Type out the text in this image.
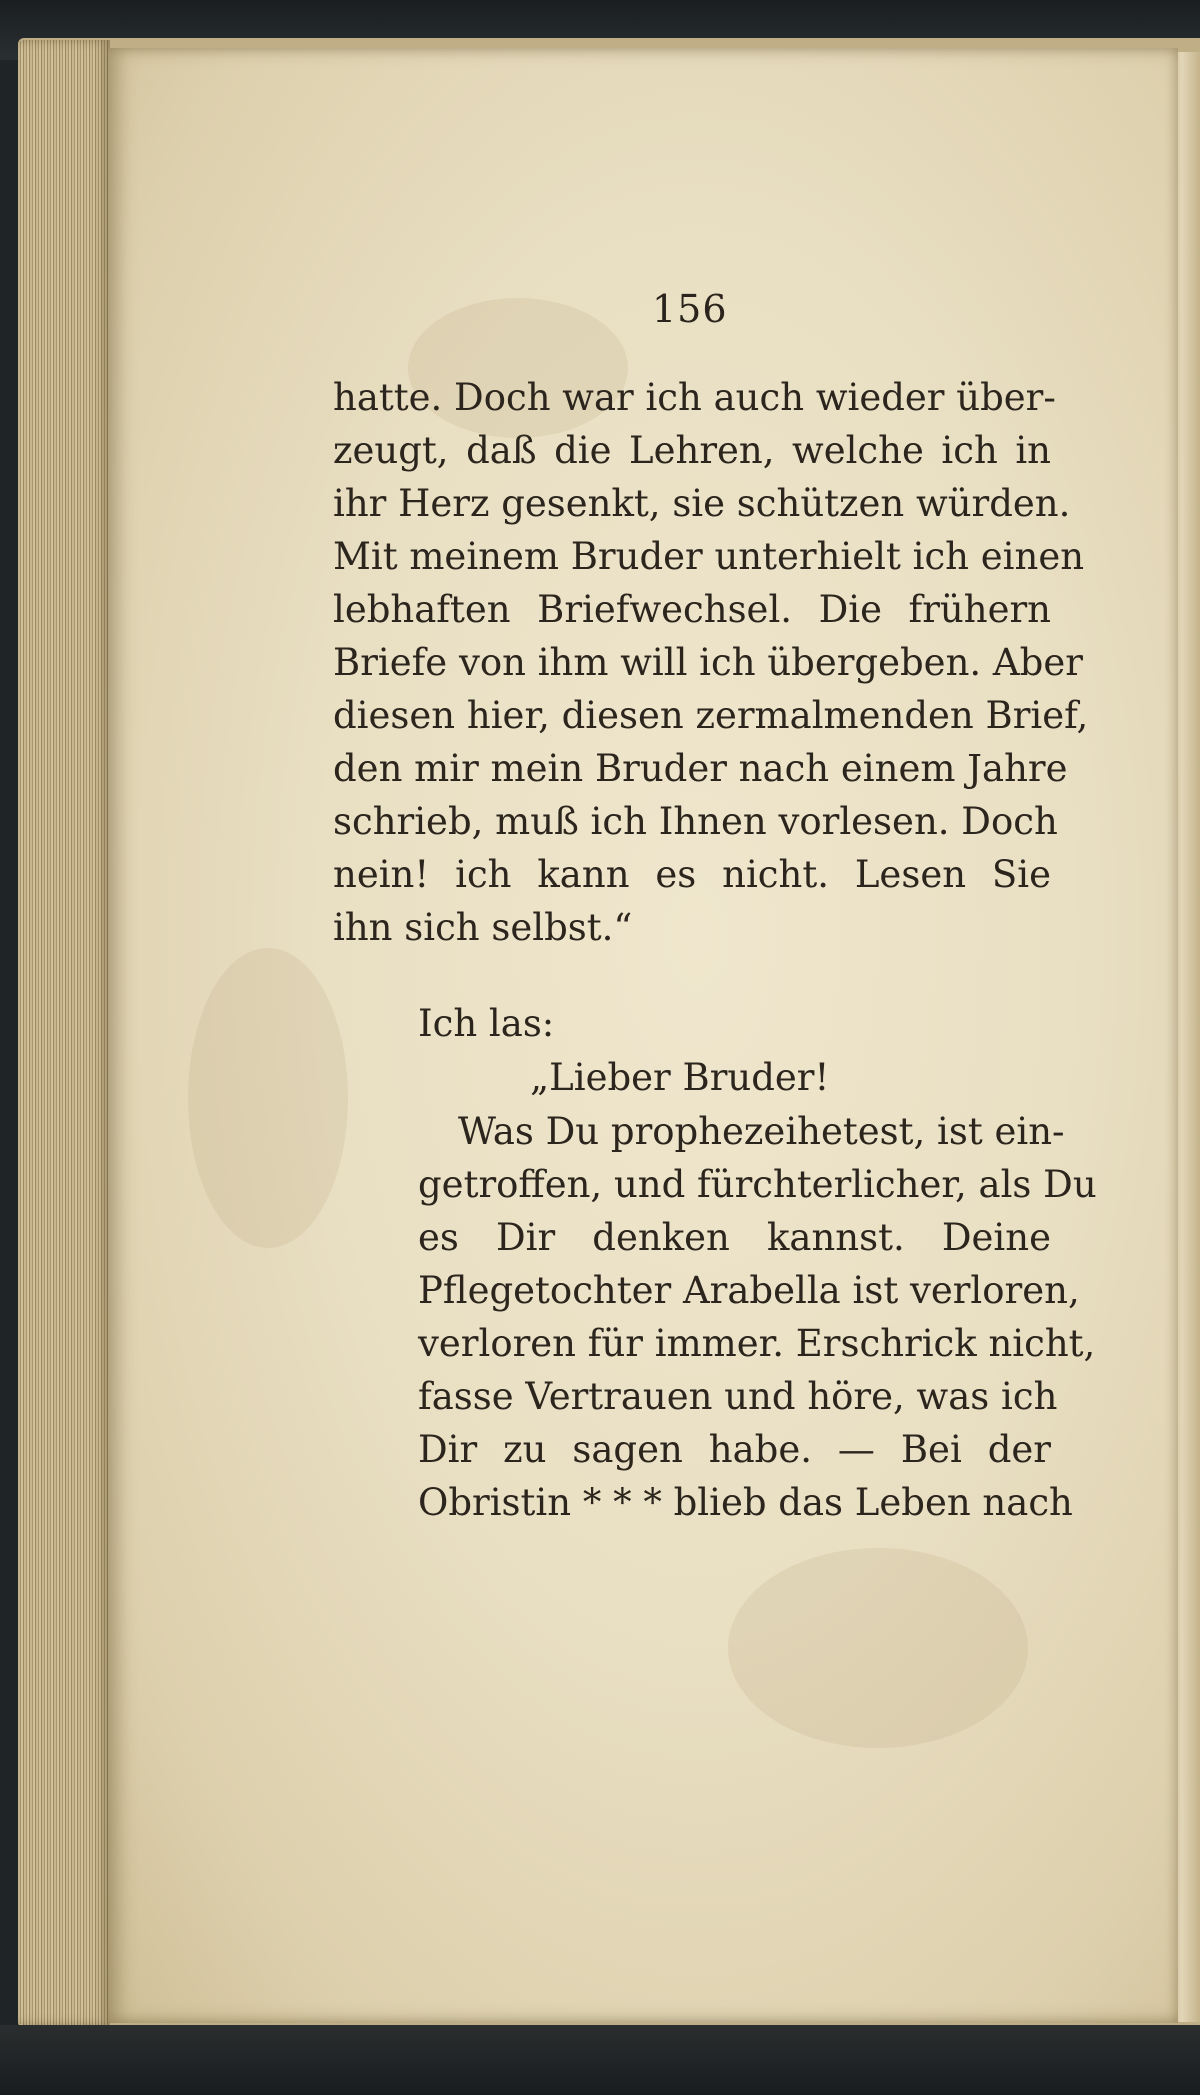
156
hatte. Doch war ich auch wieder über-
zeugt, daß die Lehren, welche ich in
ihr Herz gesenkt, sie schützen würden.
Mit meinem Bruder unterhielt ich einen
lebhaften Briefwechsel. Die frühern
Briefe von ihm will ich übergeben. Aber
diesen hier, diesen zermalmenden Brief,
den mir mein Bruder nach einem Jahre
schrieb, muß ich Ihnen vorlesen. Doch
nein! ich kann es nicht. Lesen Sie
ihn sich selbst.“
Ich las:
„Lieber Bruder!
Was Du prophezeihetest, ist ein-
getroffen, und fürchterlicher, als Du
es Dir denken kannst. Deine
Pflegetochter Arabella ist verloren,
verloren für immer. Erschrick nicht,
fasse Vertrauen und höre, was ich
Dir zu sagen habe. — Bei der
Obristin * * * blieb das Leben nach
